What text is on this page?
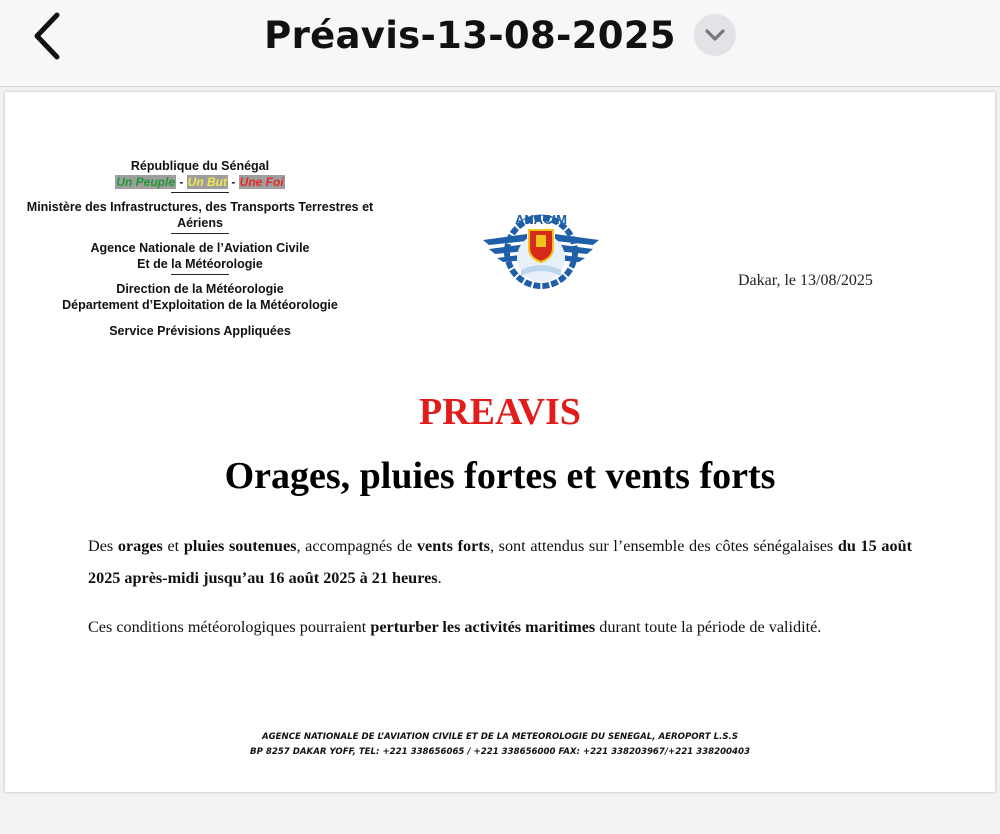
Préavis-13-08-2025
République du Sénégal
Un Peuple - Un But - Une Foi
Ministère des Infrastructures, des Transports Terrestres et
Aériens
Agence Nationale de l’Aviation Civile
Et de la Météorologie
Direction de la Météorologie
Département d’Exploitation de la Météorologie
Service Prévisions Appliquées
ANACIM
Dakar, le 13/08/2025
PREAVIS
Orages, pluies fortes et vents forts

Des orages et pluies soutenues, accompagnés de vents forts, sont attendus sur l’ensemble des côtes sénégalaises du 15 août 2025 après-midi jusqu’au 16 août 2025 à 21 heures.

Ces conditions météorologiques pourraient perturber les activités maritimes durant toute la période de validité.

AGENCE NATIONALE DE L’AVIATION CIVILE ET DE LA METEOROLOGIE DU SENEGAL, AEROPORT L.S.S
BP 8257 DAKAR YOFF, TEL: +221 338656065 / +221 338656000 FAX: +221 338203967/+221 338200403
